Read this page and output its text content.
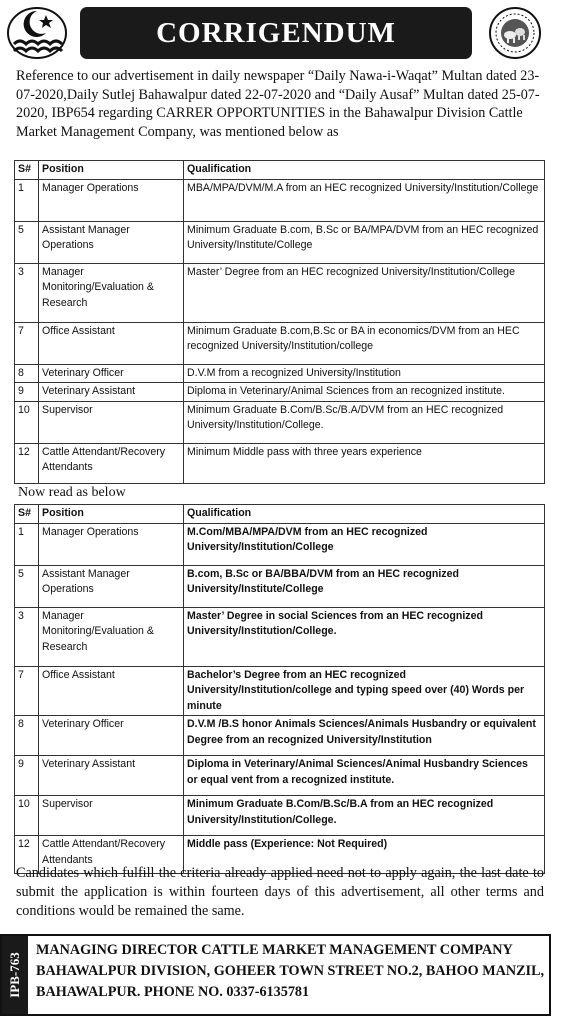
CORRIGENDUM
Reference to our advertisement in daily newspaper “Daily Nawa-i-Waqat” Multan dated 23-07-2020,Daily Sutlej Bahawalpur dated 22-07-2020 and “Daily Ausaf” Multan dated 25-07-2020, IBP654 regarding CARRER OPPORTUNITIES in the Bahawalpur Division Cattle Market Management Company, was mentioned below as
S#	Position	Qualification
1	Manager Operations	MBA/MPA/DVM/M.A from an HEC recognized University/Institution/College
5	Assistant Manager Operations	Minimum Graduate B.com, B.Sc or BA/MPA/DVM from an HEC recognized University/Institute/College
3	Manager Monitoring/Evaluation & Research	Master’ Degree from an HEC recognized University/Institution/College
7	Office Assistant	Minimum Graduate B.com,B.Sc or BA in economics/DVM from an HEC recognized University/Institution/college
8	Veterinary Officer	D.V.M from a recognized University/Institution
9	Veterinary Assistant	Diploma in Veterinary/Animal Sciences from an recognized institute.
10	Supervisor	Minimum Graduate B.Com/B.Sc/B.A/DVM from an HEC recognized University/Institution/College.
12	Cattle Attendant/Recovery Attendants	Minimum Middle pass with three years experience
Now read as below
S#	Position	Qualification
1	Manager Operations	M.Com/MBA/MPA/DVM from an HEC recognized University/Institution/College
5	Assistant Manager Operations	B.com, B.Sc or BA/BBA/DVM from an HEC recognized University/Institute/College
3	Manager Monitoring/Evaluation & Research	Master’ Degree in social Sciences from an HEC recognized University/Institution/College.
7	Office Assistant	Bachelor’s Degree from an HEC recognized University/Institution/college and typing speed over (40) Words per minute
8	Veterinary Officer	D.V.M /B.S honor Animals Sciences/Animals Husbandry or equivalent Degree from an recognized University/Institution
9	Veterinary Assistant	Diploma in Veterinary/Animal Sciences/Animal Husbandry Sciences or equal vent from a recognized institute.
10	Supervisor	Minimum Graduate B.Com/B.Sc/B.A from an HEC recognized University/Institution/College.
12	Cattle Attendant/Recovery Attendants	Middle pass (Experience: Not Required)
Candidates which fulfill the criteria already applied need not to apply again, the last date to submit the application is within fourteen days of this advertisement, all other terms and conditions would be remained the same.
IPB-763
MANAGING DIRECTOR CATTLE MARKET MANAGEMENT COMPANY
BAHAWALPUR DIVISION, GOHEER TOWN STREET NO.2, BAHOO MANZIL,
BAHAWALPUR. PHONE NO. 0337-6135781
